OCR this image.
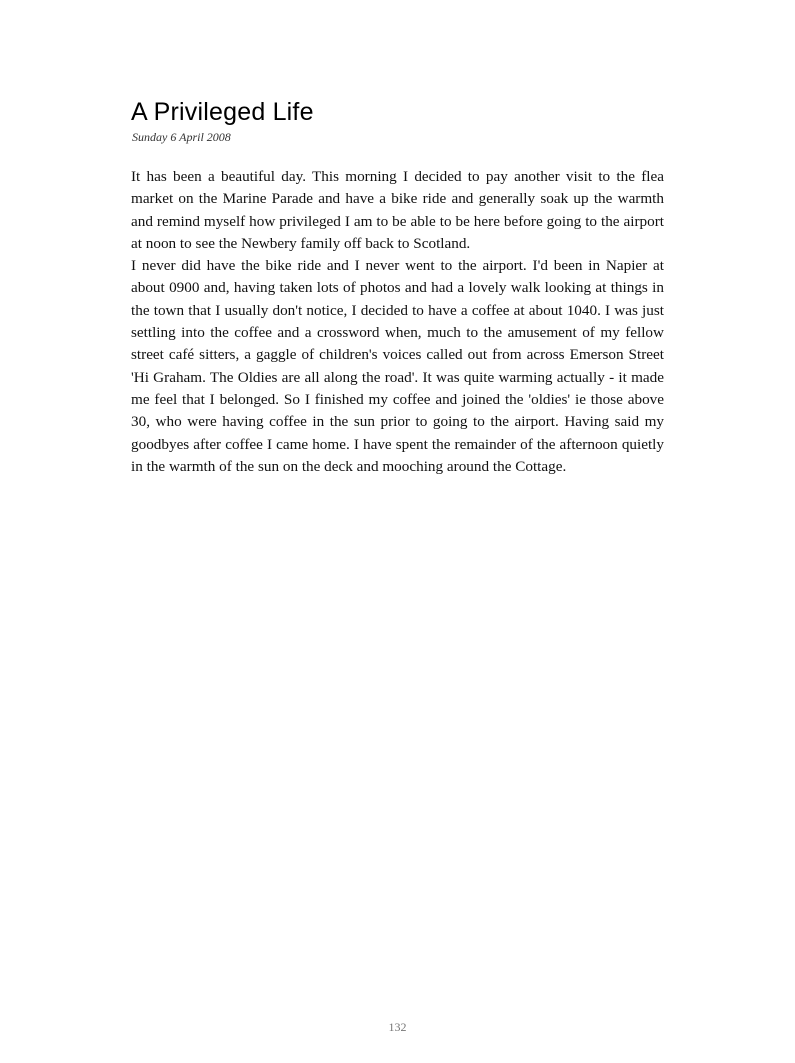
A Privileged Life
Sunday 6 April 2008

It has been a beautiful day. This morning I decided to pay another visit to the flea market on the Marine Parade and have a bike ride and generally soak up the warmth and remind myself how privileged I am to be able to be here before going to the airport at noon to see the Newbery family off back to Scotland.

I never did have the bike ride and I never went to the airport. I'd been in Napier at about 0900 and, having taken lots of photos and had a lovely walk looking at things in the town that I usually don't notice, I decided to have a coffee at about 1040. I was just settling into the coffee and a crossword when, much to the amusement of my fellow street café sitters, a gaggle of children's voices called out from across Emerson Street 'Hi Graham. The Oldies are all along the road'. It was quite warming actually - it made me feel that I belonged. So I finished my coffee and joined the 'oldies' ie those above 30, who were having coffee in the sun prior to going to the airport. Having said my goodbyes after coffee I came home. I have spent the remainder of the afternoon quietly in the warmth of the sun on the deck and mooching around the Cottage.

132
